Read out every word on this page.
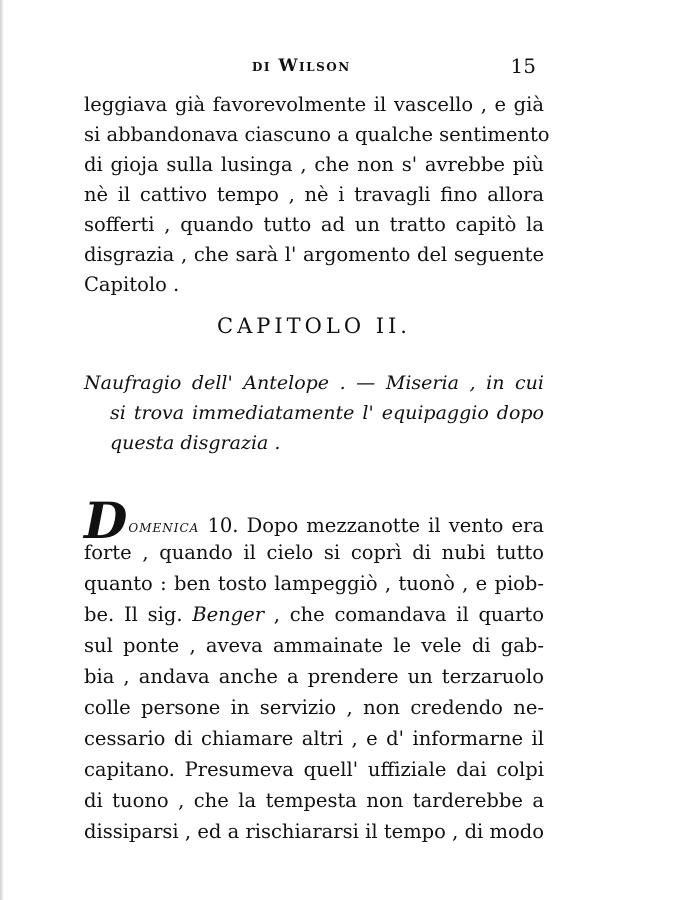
di Wilson	15
leggiava già favorevolmente il vascello , e già
si abbandonava ciascuno a qualche sentimento
di gioja sulla lusinga , che non s' avrebbe più
nè il cattivo tempo , nè i travagli fino allora
sofferti , quando tutto ad un tratto capitò la
disgrazia , che sarà l' argomento del seguente
Capitolo .
CAPITOLO II.
Naufragio dell' Antelope . — Miseria , in cui
si trova immediatamente l' equipaggio dopo
questa disgrazia .
Domenica 10. Dopo mezzanotte il vento era
forte , quando il cielo si coprì di nubi tutto
quanto : ben tosto lampeggiò , tuonò , e piob-
be. Il sig. Benger , che comandava il quarto
sul ponte , aveva ammainate le vele di gab-
bia , andava anche a prendere un terzaruolo
colle persone in servizio , non credendo ne-
cessario di chiamare altri , e d' informarne il
capitano. Presumeva quell' uffiziale dai colpi
di tuono , che la tempesta non tarderebbe a
dissiparsi , ed a rischiararsi il tempo , di modo
